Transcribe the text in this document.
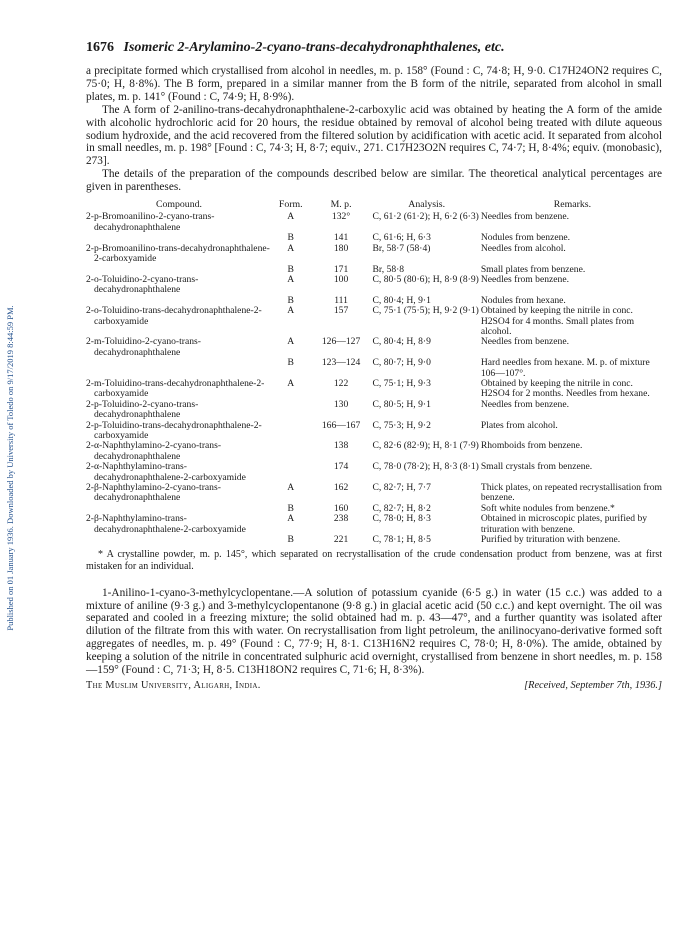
Published on 01 January 1936. Downloaded by University of Toledo on 9/17/2019 8:44:59 PM.
1676 Isomeric 2-Arylamino-2-cyano-trans-decahydronaphthalenes, etc.

a precipitate formed which crystallised from alcohol in needles, m. p. 158° (Found : C, 74·8; H, 9·0. C17H24ON2 requires C, 75·0; H, 8·8%). The B form, prepared in a similar manner from the B form of the nitrile, separated from alcohol in small plates, m. p. 141° (Found : C, 74·9; H, 8·9%).

The A form of 2-anilino-trans-decahydronaphthalene-2-carboxylic acid was obtained by heating the A form of the amide with alcoholic hydrochloric acid for 20 hours, the residue obtained by removal of alcohol being treated with dilute aqueous sodium hydroxide, and the acid recovered from the filtered solution by acidification with acetic acid. It separated from alcohol in small needles, m. p. 198° [Found : C, 74·3; H, 8·7; equiv., 271. C17H23O2N requires C, 74·7; H, 8·4%; equiv. (monobasic), 273].

The details of the preparation of the compounds described below are similar. The theoretical analytical percentages are given in parentheses.

Compound.	Form.	M. p.	Analysis.	Remarks.
2-p-Bromoanilino-2-cyano-trans-decahydronaphthalene	A	132°	C, 61·2 (61·2); H, 6·2 (6·3)	Needles from benzene.
	B	141	C, 61·6; H, 6·3	Nodules from benzene.
2-p-Bromoanilino-trans-decahydronaphthalene-2-carboxyamide	A	180	Br, 58·7 (58·4)	Needles from alcohol.
	B	171	Br, 58·8	Small plates from benzene.
2-o-Toluidino-2-cyano-trans-decahydronaphthalene	A	100	C, 80·5 (80·6); H, 8·9 (8·9)	Needles from benzene.
	B	111	C, 80·4; H, 9·1	Nodules from hexane.
2-o-Toluidino-trans-decahydronaphthalene-2-carboxyamide	A	157	C, 75·1 (75·5); H, 9·2 (9·1)	Obtained by keeping the nitrile in conc. H2SO4 for 4 months. Small plates from alcohol.
2-m-Toluidino-2-cyano-trans-decahydronaphthalene	A	126—127	C, 80·4; H, 8·9	Needles from benzene.
	B	123—124	C, 80·7; H, 9·0	Hard needles from hexane. M. p. of mixture 106—107°.
2-m-Toluidino-trans-decahydronaphthalene-2-carboxyamide	A	122	C, 75·1; H, 9·3	Obtained by keeping the nitrile in conc. H2SO4 for 2 months. Needles from hexane.
2-p-Toluidino-2-cyano-trans-decahydronaphthalene		130	C, 80·5; H, 9·1	Needles from benzene.
2-p-Toluidino-trans-decahydronaphthalene-2-carboxyamide		166—167	C, 75·3; H, 9·2	Plates from alcohol.
2-α-Naphthylamino-2-cyano-trans-decahydronaphthalene		138	C, 82·6 (82·9); H, 8·1 (7·9)	Rhomboids from benzene.
2-α-Naphthylamino-trans-decahydronaphthalene-2-carboxyamide		174	C, 78·0 (78·2); H, 8·3 (8·1)	Small crystals from benzene.
2-β-Naphthylamino-2-cyano-trans-decahydronaphthalene	A	162	C, 82·7; H, 7·7	Thick plates, on repeated recrystallisation from benzene.
	B	160	C, 82·7; H, 8·2	Soft white nodules from benzene.*
2-β-Naphthylamino-trans-decahydronaphthalene-2-carboxyamide	A	238	C, 78·0; H, 8·3	Obtained in microscopic plates, purified by trituration with benzene.
	B	221	C, 78·1; H, 8·5	Purified by trituration with benzene.

* A crystalline powder, m. p. 145°, which separated on recrystallisation of the crude condensation product from benzene, was at first mistaken for an individual.

1-Anilino-1-cyano-3-methylcyclopentane.—A solution of potassium cyanide (6·5 g.) in water (15 c.c.) was added to a mixture of aniline (9·3 g.) and 3-methylcyclopentanone (9·8 g.) in glacial acetic acid (50 c.c.) and kept overnight. The oil was separated and cooled in a freezing mixture; the solid obtained had m. p. 43—47°, and a further quantity was isolated after dilution of the filtrate from this with water. On recrystallisation from light petroleum, the anilinocyano-derivative formed soft aggregates of needles, m. p. 49° (Found : C, 77·9; H, 8·1. C13H16N2 requires C, 78·0; H, 8·0%). The amide, obtained by keeping a solution of the nitrile in concentrated sulphuric acid overnight, crystallised from benzene in short needles, m. p. 158—159° (Found : C, 71·3; H, 8·5. C13H18ON2 requires C, 71·6; H, 8·3%).

The Muslim University, Aligarh, India.	[Received, September 7th, 1936.]
